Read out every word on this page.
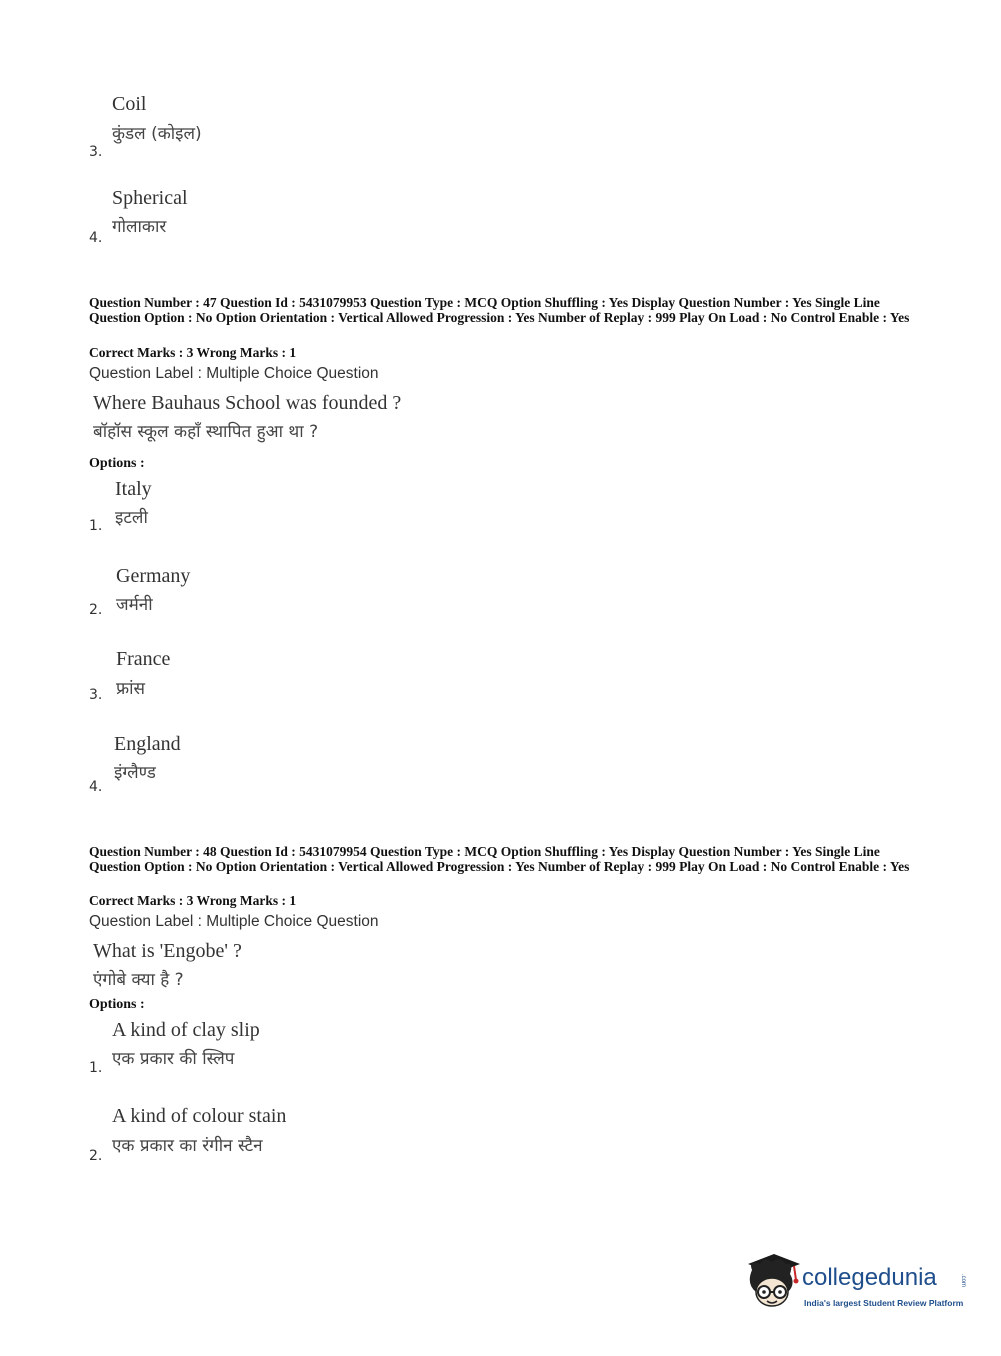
Coil
कुंडल (कोइल)
3.
Spherical
गोलाकार
4.
Question Number : 47 Question Id : 5431079953 Question Type : MCQ Option Shuffling : Yes Display Question Number : Yes Single Line Question Option : No Option Orientation : Vertical Allowed Progression : Yes Number of Replay : 999 Play On Load : No Control Enable : Yes
Correct Marks : 3 Wrong Marks : 1
Question Label : Multiple Choice Question
Where Bauhaus School was founded ?
बॉहॉस स्कूल कहाँ स्थापित हुआ था ?
Options :
Italy
इटली
1.
Germany
जर्मनी
2.
France
फ्रांस
3.
England
इंग्लैण्ड
4.
Question Number : 48 Question Id : 5431079954 Question Type : MCQ Option Shuffling : Yes Display Question Number : Yes Single Line Question Option : No Option Orientation : Vertical Allowed Progression : Yes Number of Replay : 999 Play On Load : No Control Enable : Yes
Correct Marks : 3 Wrong Marks : 1
Question Label : Multiple Choice Question
What is 'Engobe' ?
एंगोबे क्या है ?
Options :
A kind of clay slip
एक प्रकार की स्लिप
1.
A kind of colour stain
एक प्रकार का रंगीन स्टैन
2.
collegedunia	.com
India's largest Student Review Platform
